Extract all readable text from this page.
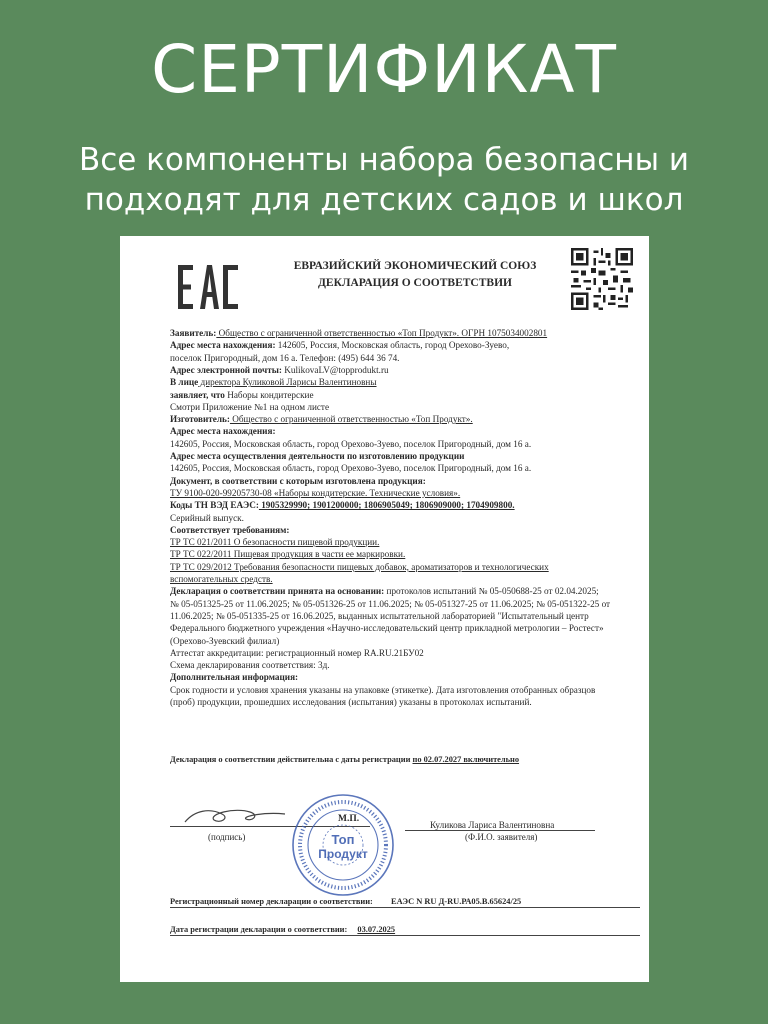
СЕРТИФИКАТ
Все компоненты набора безопасны и
подходят для детских садов и школ
ЕВРАЗИЙСКИЙ ЭКОНОМИЧЕСКИЙ СОЮЗ
ДЕКЛАРАЦИЯ О СООТВЕТСТВИИ
Заявитель: Общество с ограниченной ответственностью «Топ Продукт». ОГРН 1075034002801
Адрес места нахождения: 142605, Россия, Московская область, город Орехово-Зуево,
поселок Пригородный, дом 16 а. Телефон: (495) 644 36 74.
Адрес электронной почты: KulikovaLV@topprodukt.ru
В лице директора Куликовой Ларисы Валентиновны
заявляет, что Наборы кондитерские
Смотри Приложение №1 на одном листе
Изготовитель: Общество с ограниченной ответственностью «Топ Продукт».
Адрес места нахождения:
142605, Россия, Московская область, город Орехово-Зуево, поселок Пригородный, дом 16 а.
Адрес места осуществления деятельности по изготовлению продукции
142605, Россия, Московская область, город Орехово-Зуево, поселок Пригородный, дом 16 а.
Документ, в соответствии с которым изготовлена продукция:
ТУ 9100-020-99205730-08 «Наборы кондитерские. Технические условия».
Коды ТН ВЭД ЕАЭС: 1905329990; 1901200000; 1806905049; 1806909000; 1704909800.
Серийный выпуск.
Соответствует требованиям:
ТР ТС 021/2011 О безопасности пищевой продукции.
ТР ТС 022/2011 Пищевая продукция в части ее маркировки.
ТР ТС 029/2012 Требования безопасности пищевых добавок, ароматизаторов и технологических
вспомогательных средств.
Декларация о соответствии принята на основании: протоколов испытаний № 05-050688-25 от 02.04.2025;
№ 05-051325-25 от 11.06.2025; № 05-051326-25 от 11.06.2025; № 05-051327-25 от 11.06.2025; № 05-051322-25 от
11.06.2025; № 05-051335-25 от 16.06.2025, выданных испытательной лабораторией "Испытательный центр
Федерального бюджетного учреждения «Научно-исследовательский центр прикладной метрологии – Ростест»
(Орехово-Зуевский филиал)
Аттестат аккредитации: регистрационный номер RA.RU.21БУ02
Схема декларирования соответствия: 3д.
Дополнительная информация:
Срок годности и условия хранения указаны на упаковке (этикетке). Дата изготовления отобранных образцов
(проб) продукции, прошедших исследования (испытания) указаны в протоколах испытаний.
Декларация о соответствии действительна с даты регистрации по 02.07.2027 включительно
(подпись)
М.П.
Куликова Лариса Валентиновна
(Ф.И.О. заявителя)
Топ
Продукт
Регистрационный номер декларации о соответствии: ЕАЭС N RU Д-RU.РА05.В.65624/25
Дата регистрации декларации о соответствии: 03.07.2025
